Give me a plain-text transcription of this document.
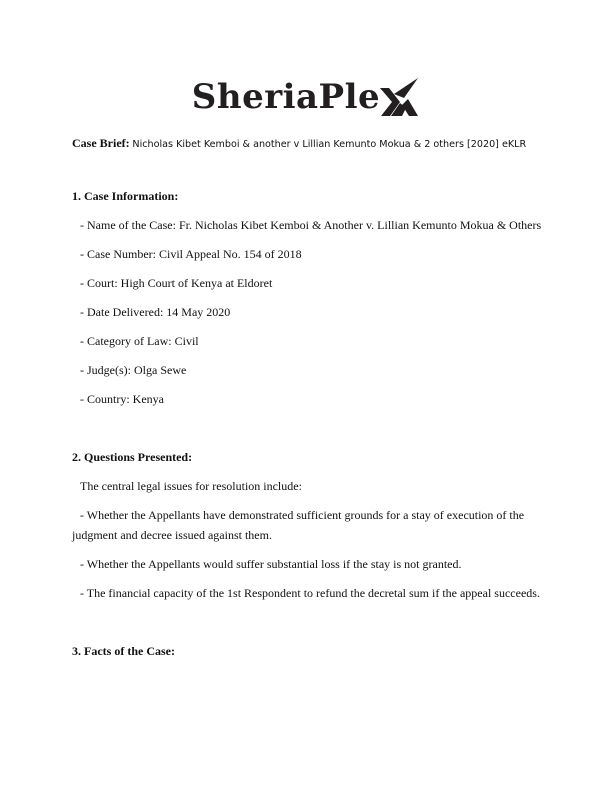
SheriaPle
Case Brief: Nicholas Kibet Kemboi & another v Lillian Kemunto Mokua & 2 others [2020] eKLR

1. Case Information:

- Name of the Case: Fr. Nicholas Kibet Kemboi & Another v. Lillian Kemunto Mokua & Others

- Case Number: Civil Appeal No. 154 of 2018

- Court: High Court of Kenya at Eldoret

- Date Delivered: 14 May 2020

- Category of Law: Civil

- Judge(s): Olga Sewe

- Country: Kenya

2. Questions Presented:

The central legal issues for resolution include:

- Whether the Appellants have demonstrated sufficient grounds for a stay of execution of the judgment and decree issued against them.

- Whether the Appellants would suffer substantial loss if the stay is not granted.

- The financial capacity of the 1st Respondent to refund the decretal sum if the appeal succeeds.

3. Facts of the Case:
